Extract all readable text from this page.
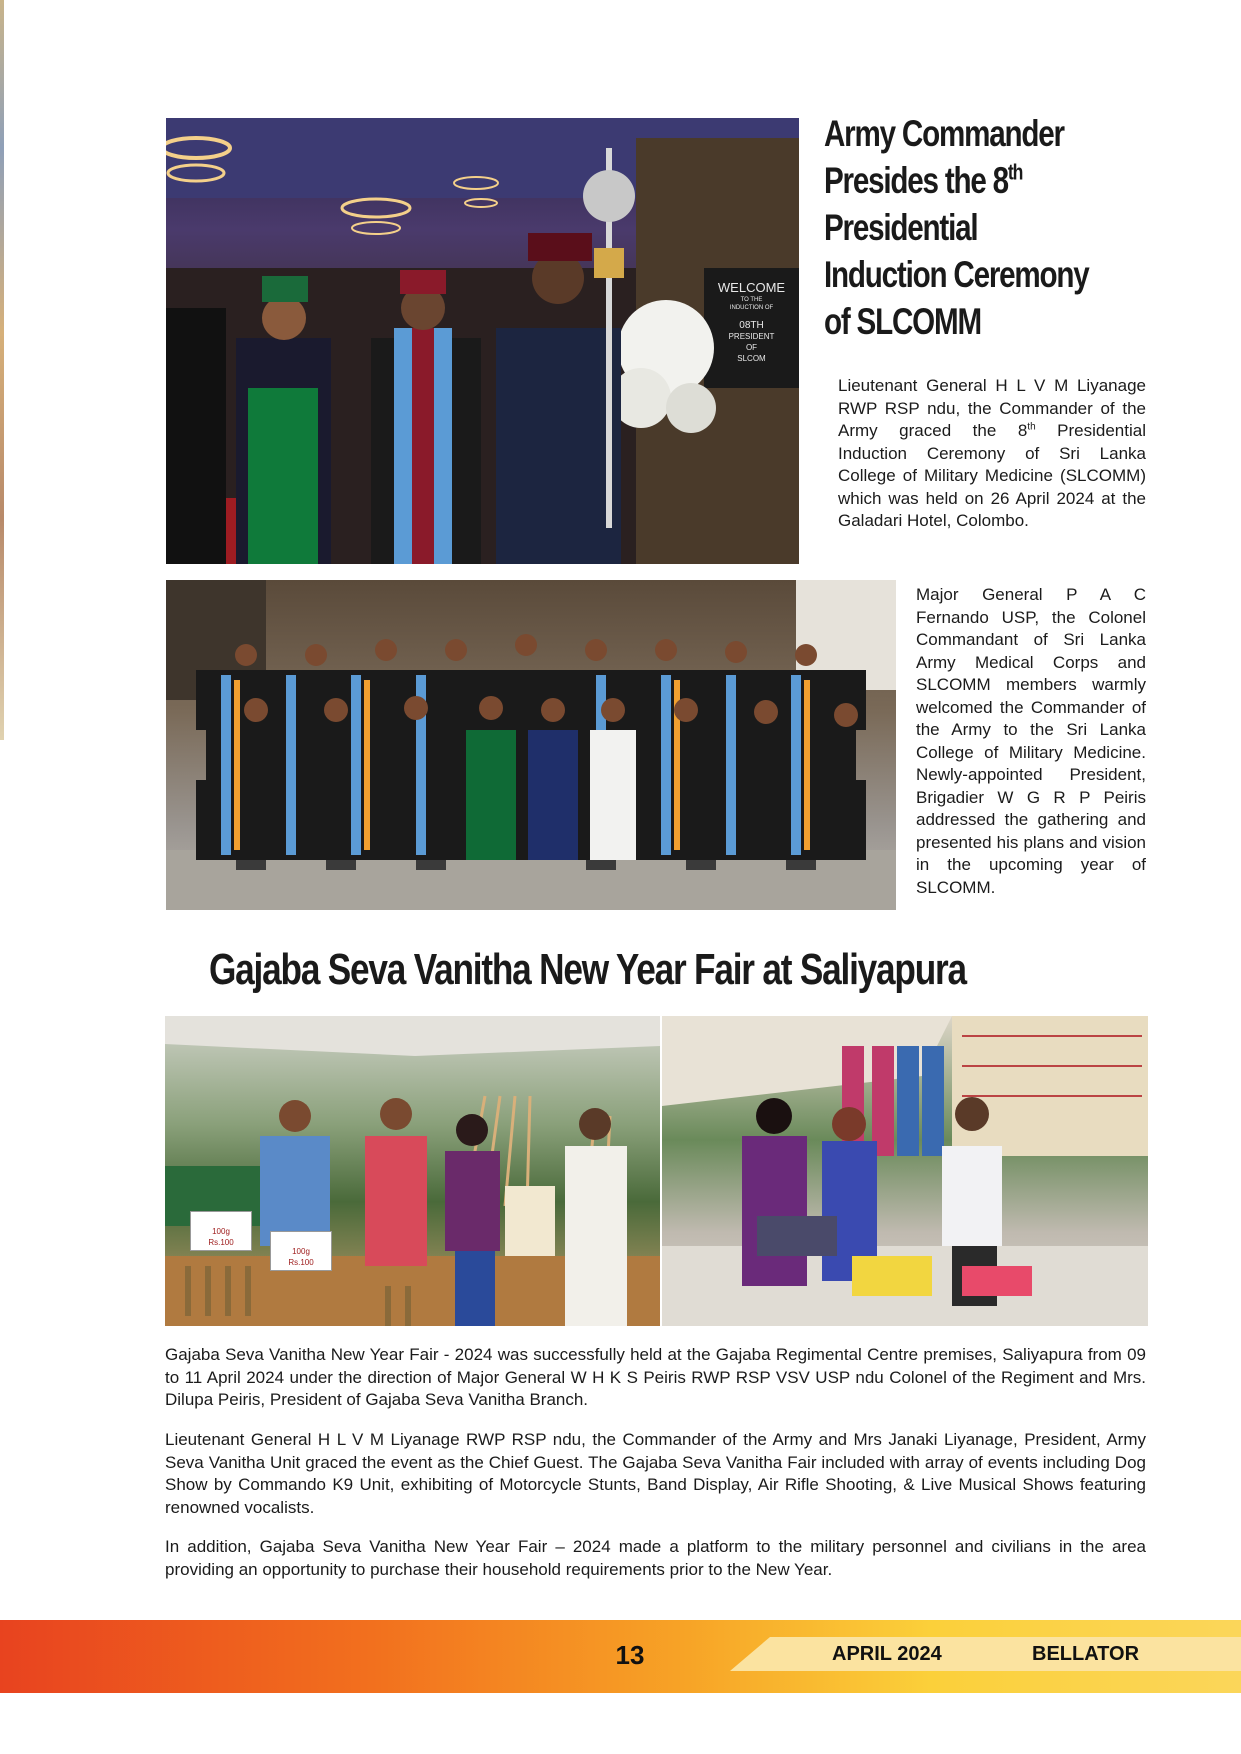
Army Commander
Presides the 8th
Presidential
Induction Ceremony
of SLCOMM
WELCOME
TO THE
INDUCTION OF
08TH
PRESIDENT
OF
SLCOM

Lieutenant General H L V M Liyanage RWP RSP ndu, the Commander of the Army graced the 8th Presidential Induction Ceremony of Sri Lanka College of Military Medicine (SLCOMM) which was held on 26 April 2024 at the Galadari Hotel, Colombo.

Major General P A C Fernando USP, the Colonel Commandant of Sri Lanka Army Medical Corps and SLCOMM members warmly welcomed the Commander of the Army to the Sri Lanka College of Military Medicine. Newly-appointed President, Brigadier W G R P Peiris addressed the gathering and presented his plans and vision in the upcoming year of SLCOMM.

Gajaba Seva Vanitha New Year Fair at Saliyapura
100g
Rs.100
100g
Rs.100

Gajaba Seva Vanitha New Year Fair - 2024 was successfully held at the Gajaba Regimental Centre premises, Saliyapura from 09 to 11 April 2024 under the direction of Major General W H K S Peiris RWP RSP VSV USP ndu Colonel of the Regiment and Mrs. Dilupa Peiris, President of Gajaba Seva Vanitha Branch.

Lieutenant General H L V M Liyanage RWP RSP ndu, the Commander of the Army and Mrs Janaki Liyanage, President, Army Seva Vanitha Unit graced the event as the Chief Guest. The Gajaba Seva Vanitha Fair included with array of events including Dog Show by Commando K9 Unit, exhibiting of Motorcycle Stunts, Band Display, Air Rifle Shooting, & Live Musical Shows featuring renowned vocalists.

In addition, Gajaba Seva Vanitha New Year Fair – 2024 made a platform to the military personnel and civilians in the area providing an opportunity to purchase their household requirements prior to the New Year.

13	APRIL 2024	BELLATOR
